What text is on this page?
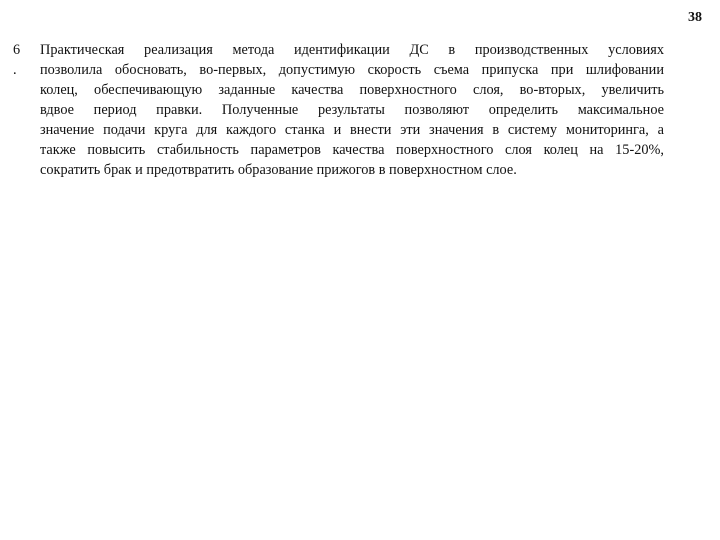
38
6
.
Практическая реализация метода идентификации ДС в производственных условиях
позволила обосновать, во-первых, допустимую скорость съема припуска при шлифовании
колец, обеспечивающую заданные качества поверхностного слоя, во-вторых, увеличить
вдвое период правки. Полученные результаты позволяют определить максимальное
значение подачи круга для каждого станка и внести эти значения в систему мониторинга, а
также повысить стабильность параметров качества поверхностного слоя колец на 15-20%,
сократить брак и предотвратить образование прижогов в поверхностном слое.
